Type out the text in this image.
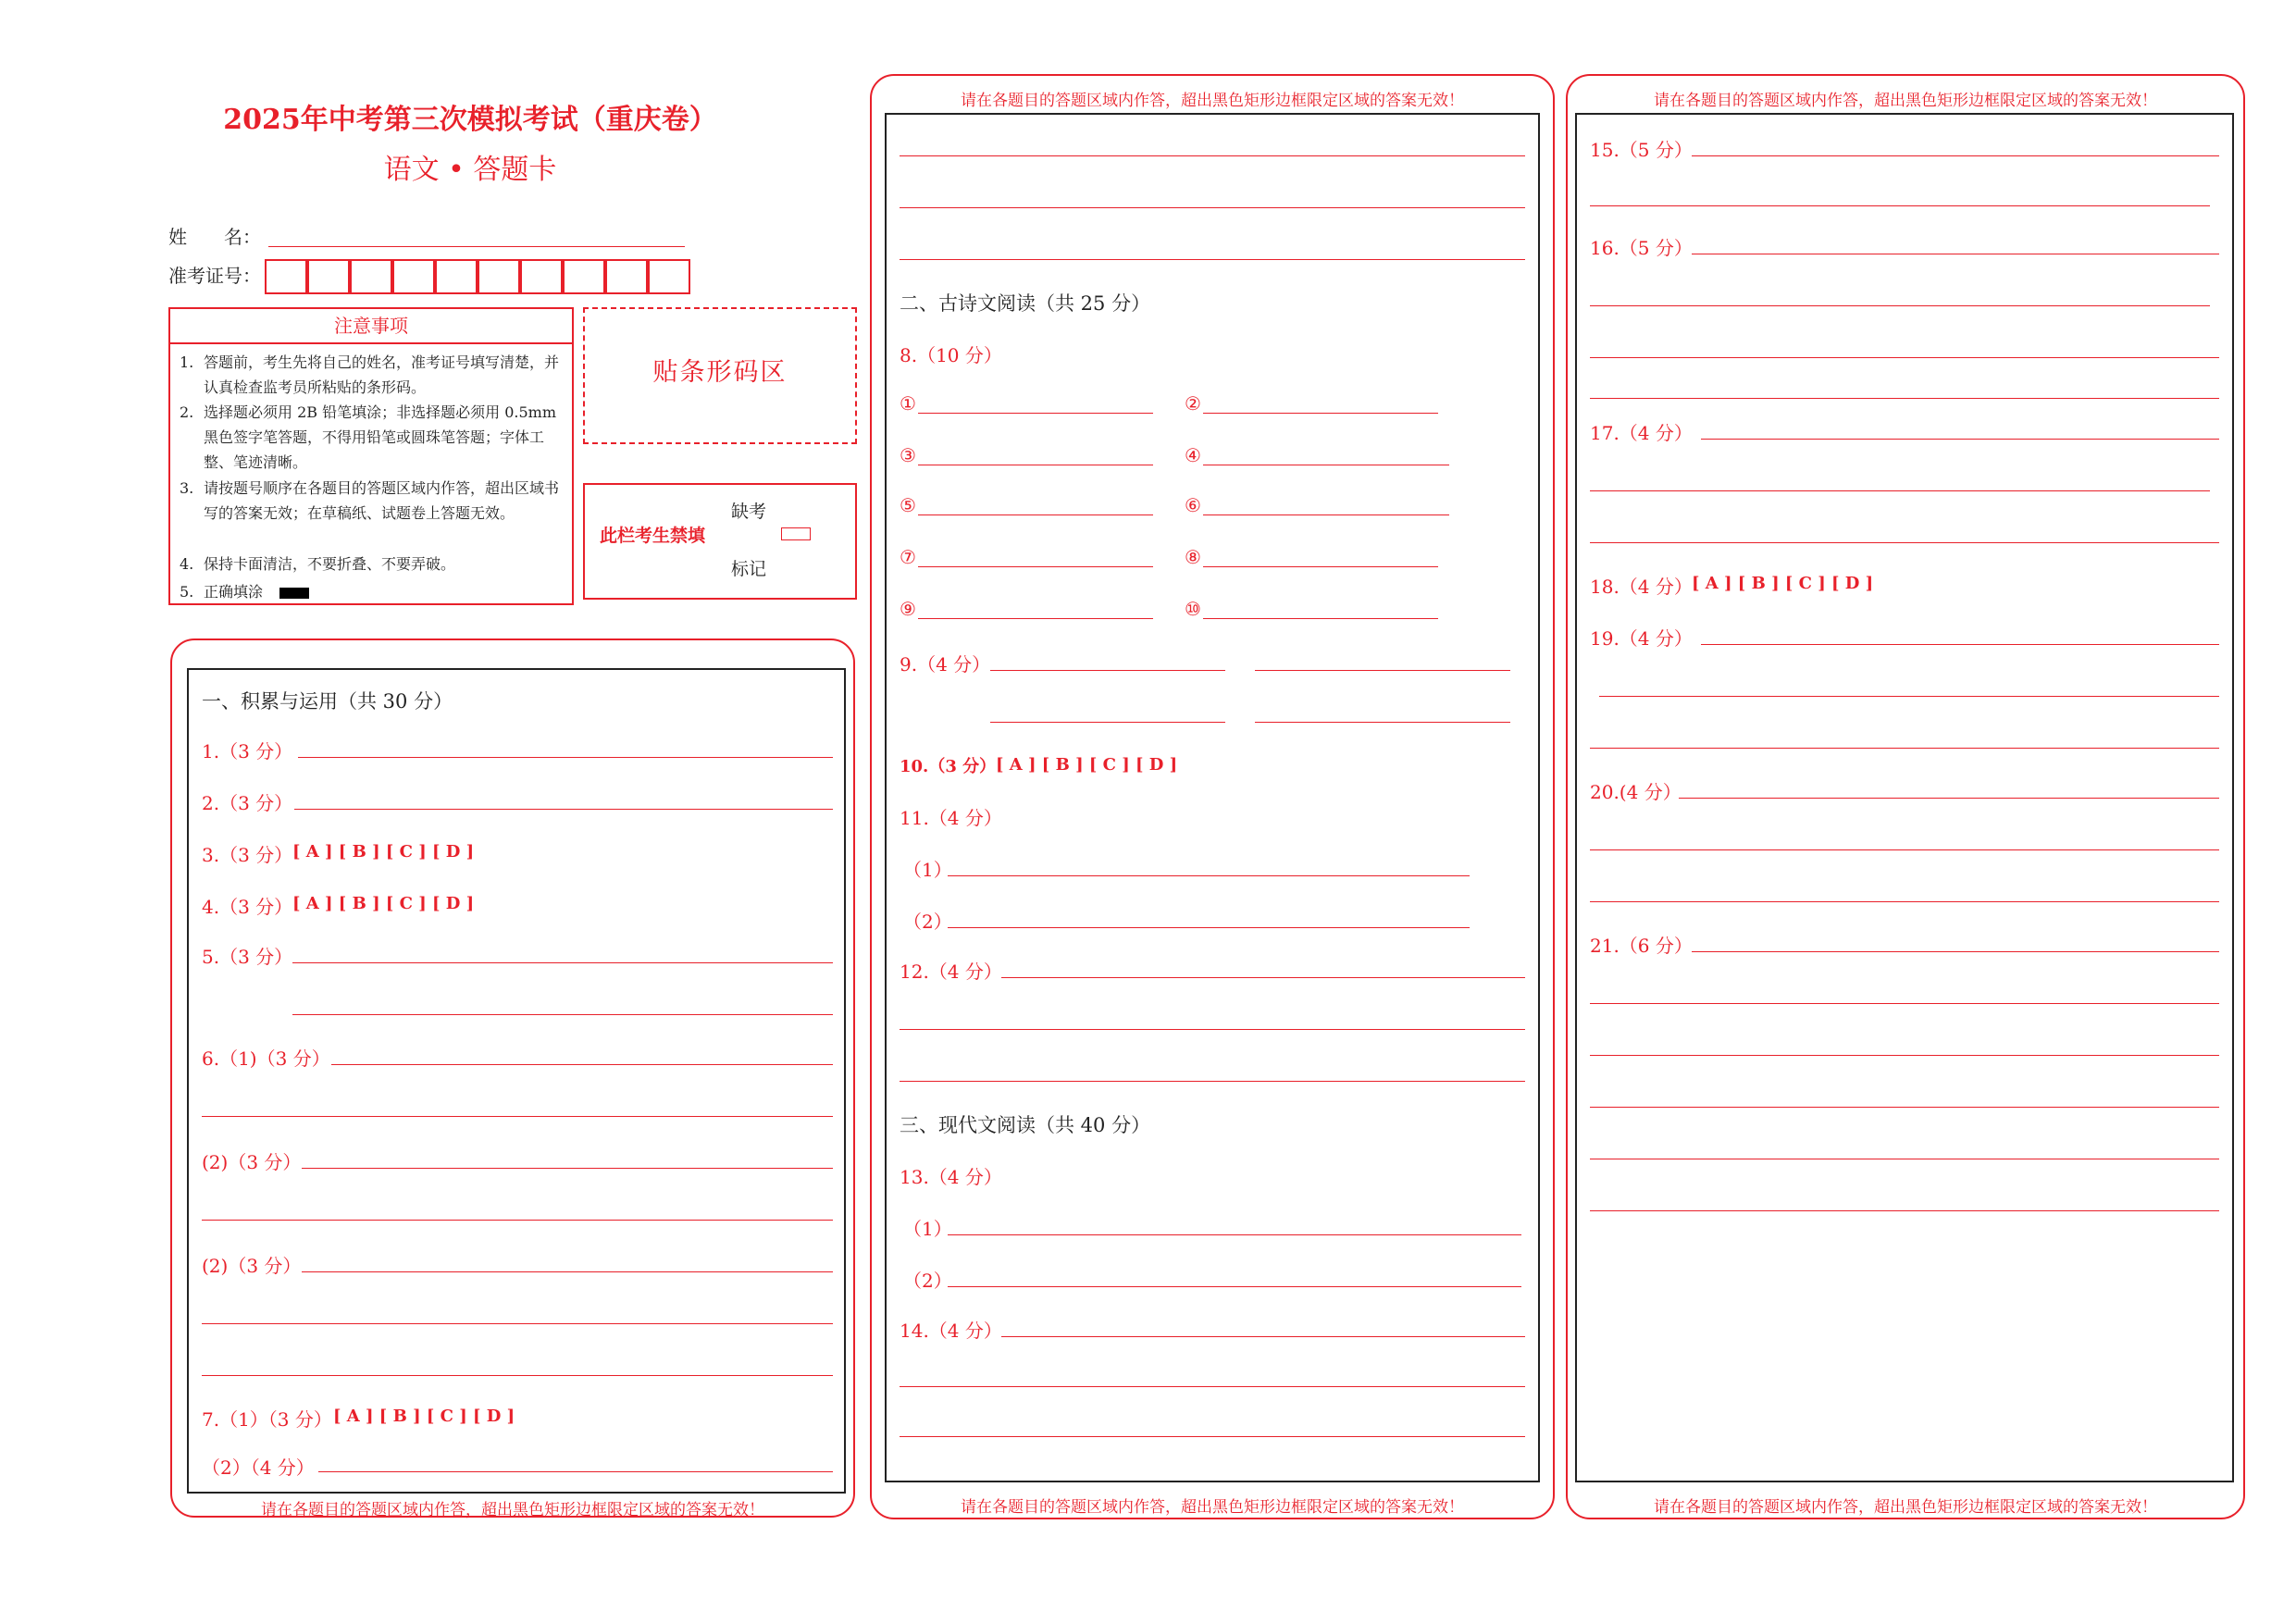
2025年中考第三次模拟考试（重庆卷）
语文 • 答题卡
姓　　名：
准考证号：
注意事项
1. 答题前，考生先将自己的姓名，准考证号填写清楚，并认真检查监考员所粘贴的条形码。
2. 选择题必须用 2B 铅笔填涂；非选择题必须用 0.5mm 黑色签字笔答题，不得用铅笔或圆珠笔答题；字体工整、笔迹清晰。
3. 请按题号顺序在各题目的答题区域内作答，超出区域书写的答案无效；在草稿纸、试题卷上答题无效。
4. 保持卡面清洁，不要折叠、不要弄破。
5. 正确填涂
贴条形码区
此栏考生禁填
缺考
标记
请在各题目的答题区域内作答，超出黑色矩形边框限定区域的答案无效！
一、积累与运用（共 30 分）
1.（3 分）
2.（3 分）
3.（3 分） [ A ] [ B ] [ C ] [ D ]
4.（3 分） [ A ] [ B ] [ C ] [ D ]
5.（3 分）
6.（1)（3 分）
(2)（3 分）
(2)（3 分）
7.（1）（3 分） [ A ] [ B ] [ C ] [ D ]
（2）（4 分）
请在各题目的答题区域内作答，超出黑色矩形边框限定区域的答案无效！
请在各题目的答题区域内作答，超出黑色矩形边框限定区域的答案无效！
二、古诗文阅读（共 25 分）
8.（10 分）
①	②
③	④
⑤	⑥
⑦	⑧
⑨	⑩
9.（4 分）
10.（3 分） [ A ] [ B ] [ C ] [ D ]
11.（4 分）
（1）
（2）
12.（4 分）
三、现代文阅读（共 40 分）
13.（4 分）
（1）
（2）
14.（4 分）
请在各题目的答题区域内作答，超出黑色矩形边框限定区域的答案无效！
请在各题目的答题区域内作答，超出黑色矩形边框限定区域的答案无效！
15.（5 分）
16.（5 分）
17.（4 分）
18.（4 分） [ A ] [ B ] [ C ] [ D ]
19.（4 分）
20.(4 分）
21.（6 分）
